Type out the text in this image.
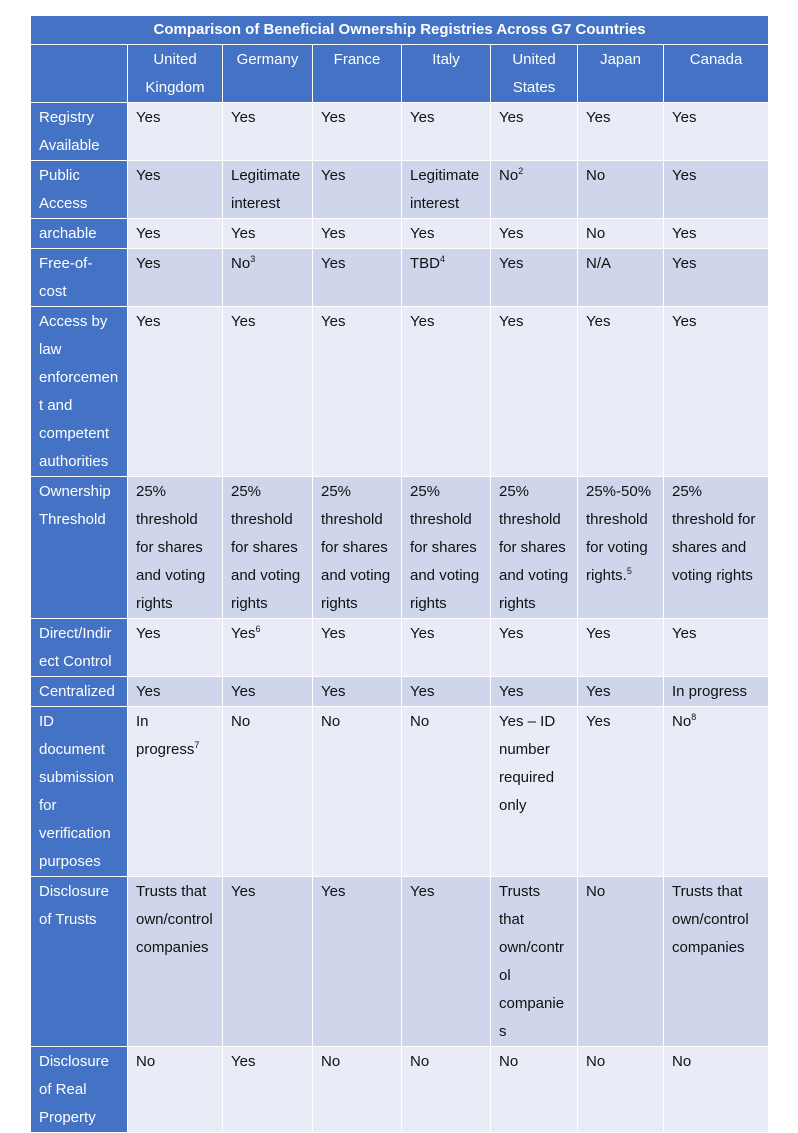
Comparison of Beneficial Ownership Registries Across G7 Countries							
	United Kingdom	Germany	France	Italy	United States	Japan	Canada
Registry Available	Yes	Yes	Yes	Yes	Yes	Yes	Yes
Public Access	Yes	Legitimate interest	Yes	Legitimate interest	No$^2$	No	Yes
archable	Yes	Yes	Yes	Yes	Yes	No	Yes
Free-of-cost	Yes	No$^3$	Yes	TBD$^4$	Yes	N/A	Yes
Access by law enforcement and competent authorities	Yes	Yes	Yes	Yes	Yes	Yes	Yes
Ownership Threshold	25% threshold for shares and voting rights	25% threshold for shares and voting rights	25% threshold for shares and voting rights	25% threshold for shares and voting rights	25% threshold for shares and voting rights	25%-50% threshold for voting rights.$^5$	25% threshold for shares and voting rights
Direct/Indirect Control	Yes	Yes$^6$	Yes	Yes	Yes	Yes	Yes
Centralized	Yes	Yes	Yes	Yes	Yes	Yes	In progress
ID document submission for verification purposes	In progress$^7$	No	No	No	Yes – ID number required only	Yes	No$^8$
Disclosure of Trusts	Trusts that own/control companies	Yes	Yes	Yes	Trusts that own/control companies	No	Trusts that own/control companies
Disclosure of Real Property	No	Yes	No	No	No	No	No
